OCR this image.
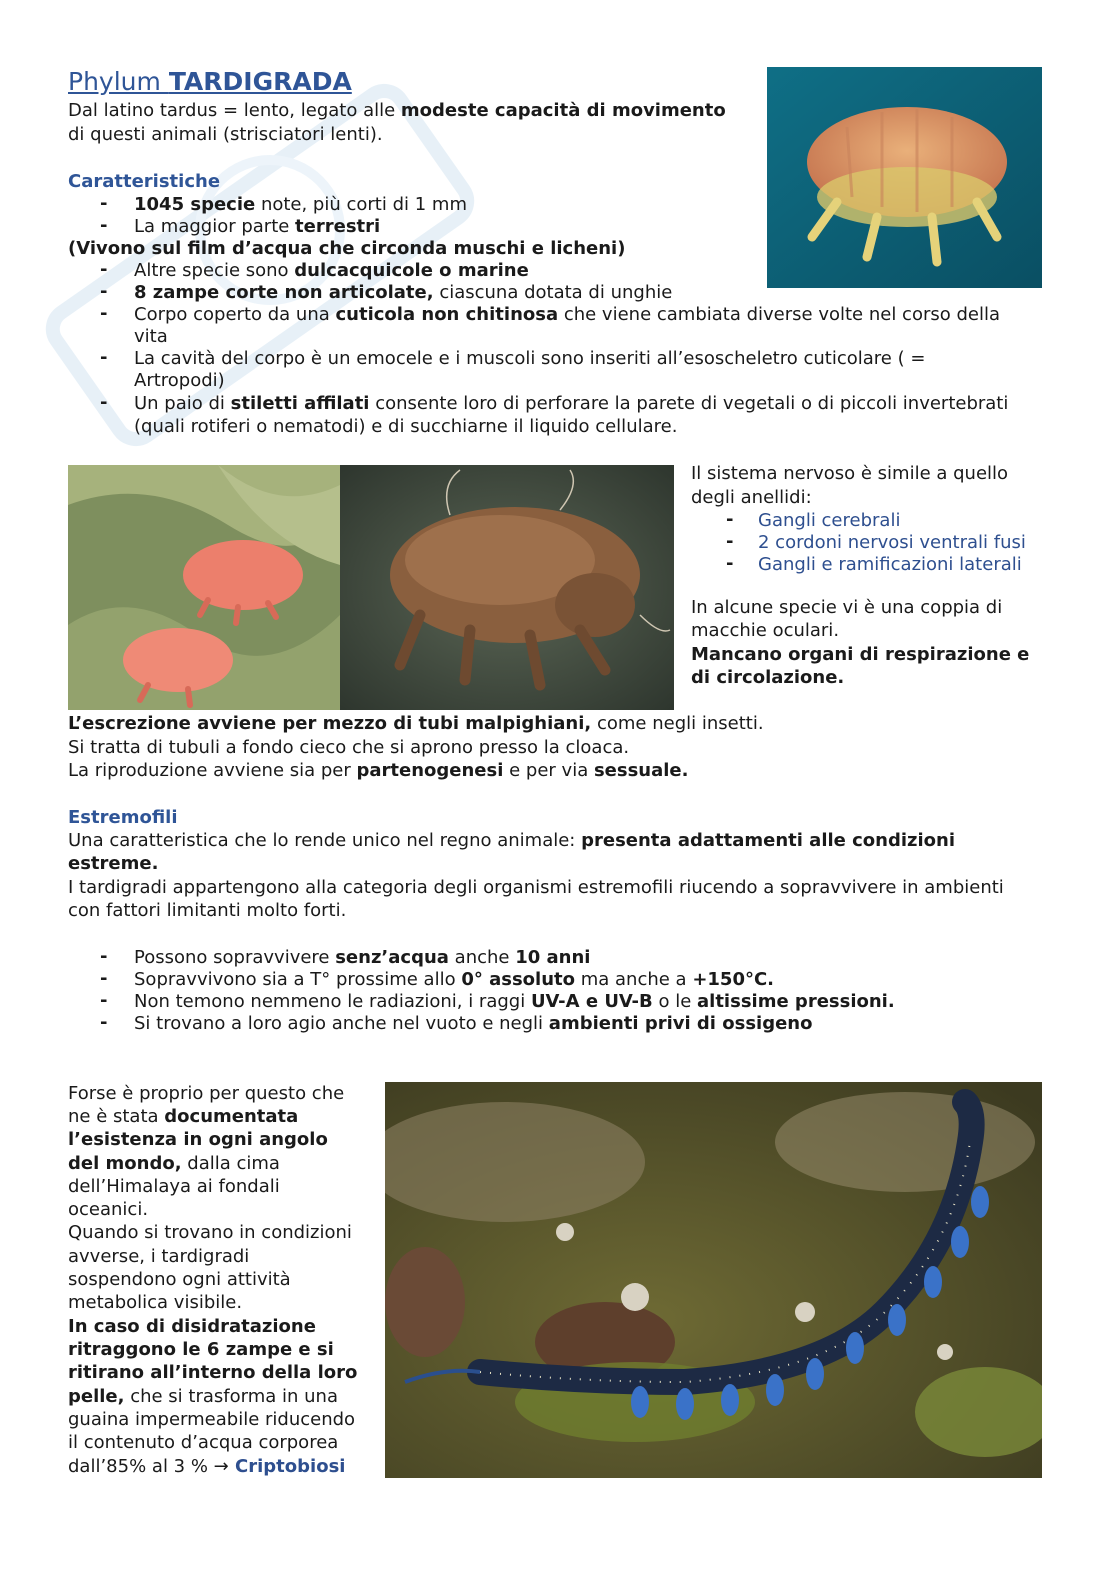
Phylum TARDIGRADA
Dal latino tardus = lento, legato alle modeste capacità di movimento
di questi animali (strisciatori lenti).
Caratteristiche
- 1045 specie note, più corti di 1 mm
- La maggior parte terrestri
(Vivono sul film d’acqua che circonda muschi e licheni)
- Altre specie sono dulcacquicole o marine
- 8 zampe corte non articolate, ciascuna dotata di unghie
- Corpo coperto da una cuticola non chitinosa che viene cambiata diverse volte nel corso della
vita
- La cavità del corpo è un emocele e i muscoli sono inseriti all’esoscheletro cuticolare ( =
Artropodi)
- Un paio di stiletti affilati consente loro di perforare la parete di vegetali o di piccoli invertebrati
(quali rotiferi o nematodi) e di succhiarne il liquido cellulare.
Il sistema nervoso è simile a quello
degli anellidi:
- Gangli cerebrali
- 2 cordoni nervosi ventrali fusi
- Gangli e ramificazioni laterali
In alcune specie vi è una coppia di
macchie oculari.
Mancano organi di respirazione e
di circolazione.
L’escrezione avviene per mezzo di tubi malpighiani, come negli insetti.
Si tratta di tubuli a fondo cieco che si aprono presso la cloaca.
La riproduzione avviene sia per partenogenesi e per via sessuale.
Estremofili
Una caratteristica che lo rende unico nel regno animale: presenta adattamenti alle condizioni
estreme.
I tardigradi appartengono alla categoria degli organismi estremofili riucendo a sopravvivere in ambienti
con fattori limitanti molto forti.
- Possono sopravvivere senz’acqua anche 10 anni
- Sopravvivono sia a T° prossime allo 0° assoluto ma anche a +150°C.
- Non temono nemmeno le radiazioni, i raggi UV-A e UV-B o le altissime pressioni.
- Si trovano a loro agio anche nel vuoto e negli ambienti privi di ossigeno
Forse è proprio per questo che
ne è stata documentata
l’esistenza in ogni angolo
del mondo, dalla cima
dell’Himalaya ai fondali
oceanici.
Quando si trovano in condizioni
avverse, i tardigradi
sospendono ogni attività
metabolica visibile.
In caso di disidratazione
ritraggono le 6 zampe e si
ritirano all’interno della loro
pelle, che si trasforma in una
guaina impermeabile riducendo
il contenuto d’acqua corporea
dall’85% al 3 % → Criptobiosi
